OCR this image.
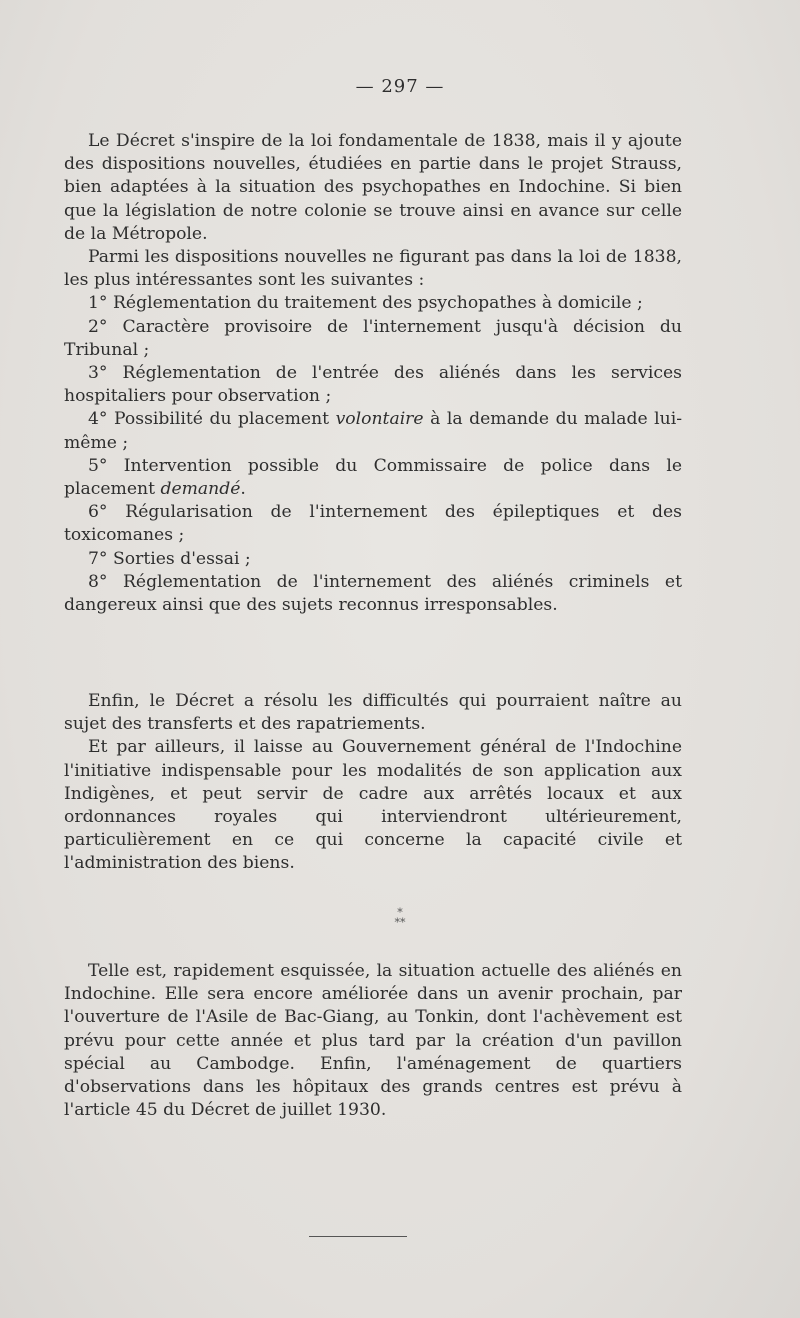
— 297 —

Le Décret s'inspire de la loi fondamentale de 1838, mais il y ajoute des dispositions nouvelles, étudiées en partie dans le projet Strauss, bien adaptées à la situation des psychopathes en Indochine. Si bien que la législation de notre colonie se trouve ainsi en avance sur celle de la Métropole.

Parmi les dispositions nouvelles ne figurant pas dans la loi de 1838, les plus intéressantes sont les suivantes :

1° Réglementation du traitement des psychopathes à domicile ;

2° Caractère provisoire de l'internement jusqu'à décision du Tribunal ;

3° Réglementation de l'entrée des aliénés dans les services hospitaliers pour observation ;

4° Possibilité du placement volontaire à la demande du malade lui-même ;

5° Intervention possible du Commissaire de police dans le placement demandé.

6° Régularisation de l'internement des épileptiques et des toxicomanes ;

7° Sorties d'essai ;

8° Réglementation de l'internement des aliénés criminels et dangereux ainsi que des sujets reconnus irresponsables.

Enfin, le Décret a résolu les difficultés qui pourraient naître au sujet des transferts et des rapatriements.

Et par ailleurs, il laisse au Gouvernement général de l'Indochine l'initiative indispensable pour les modalités de son application aux Indigènes, et peut servir de cadre aux arrêtés locaux et aux ordonnances royales qui interviendront ultérieurement, particulièrement en ce qui concerne la capacité civile et l'administration des biens.

*
**

Telle est, rapidement esquissée, la situation actuelle des aliénés en Indochine. Elle sera encore améliorée dans un avenir prochain, par l'ouverture de l'Asile de Bac-Giang, au Tonkin, dont l'achèvement est prévu pour cette année et plus tard par la création d'un pavillon spécial au Cambodge. Enfin, l'aménagement de quartiers d'observations dans les hôpitaux des grands centres est prévu à l'article 45 du Décret de juillet 1930.
